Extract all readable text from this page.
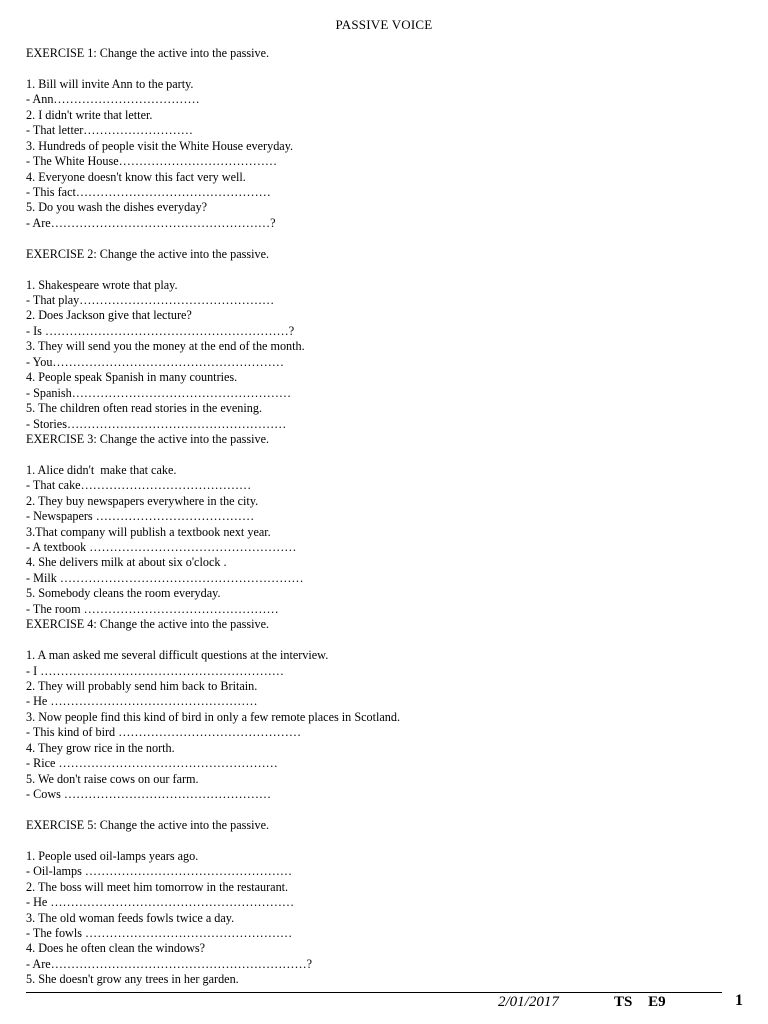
PASSIVE VOICE
EXERCISE 1: Change the active into the passive.
1. Bill will invite Ann to the party.
- Ann………………………………
2. I didn't write that letter.
- That letter………………………
3. Hundreds of people visit the White House everyday.
- The White House…………………………………
4. Everyone doesn't know this fact very well.
- This fact…………………………………………
5. Do you wash the dishes everyday?
- Are………………………………………………?
EXERCISE 2: Change the active into the passive.
1. Shakespeare wrote that play.
- That play…………………………………………
2. Does Jackson give that lecture?
- Is ……………………………………………………?
3. They will send you the money at the end of the month.
- You…………………………………………………
4. People speak Spanish in many countries.
- Spanish………………………………………………
5. The children often read stories in the evening.
- Stories………………………………………………
EXERCISE 3: Change the active into the passive.
1. Alice didn't  make that cake.
- That cake……………………………………
2. They buy newspapers everywhere in the city.
- Newspapers …………………………………
3.That company will publish a textbook next year.
- A textbook ……………………………………………
4. She delivers milk at about six o'clock .
- Milk ……………………………………………………
5. Somebody cleans the room everyday.
- The room …………………………………………
EXERCISE 4: Change the active into the passive.
1. A man asked me several difficult questions at the interview.
- I ……………………………………………………
2. They will probably send him back to Britain.
- He ……………………………………………
3. Now people find this kind of bird in only a few remote places in Scotland.
- This kind of bird ………………………………………
4. They grow rice in the north.
- Rice ………………………………………………
5. We don't raise cows on our farm.
- Cows ……………………………………………
EXERCISE 5: Change the active into the passive.
1. People used oil-lamps years ago.
- Oil-lamps ……………………………………………
2. The boss will meet him tomorrow in the restaurant.
- He ……………………………………………………
3. The old woman feeds fowls twice a day.
- The fowls ……………………………………………
4. Does he often clean the windows?
- Are………………………………………………………?
5. She doesn't grow any trees in her garden.
2/01/2017	TS E9	1
